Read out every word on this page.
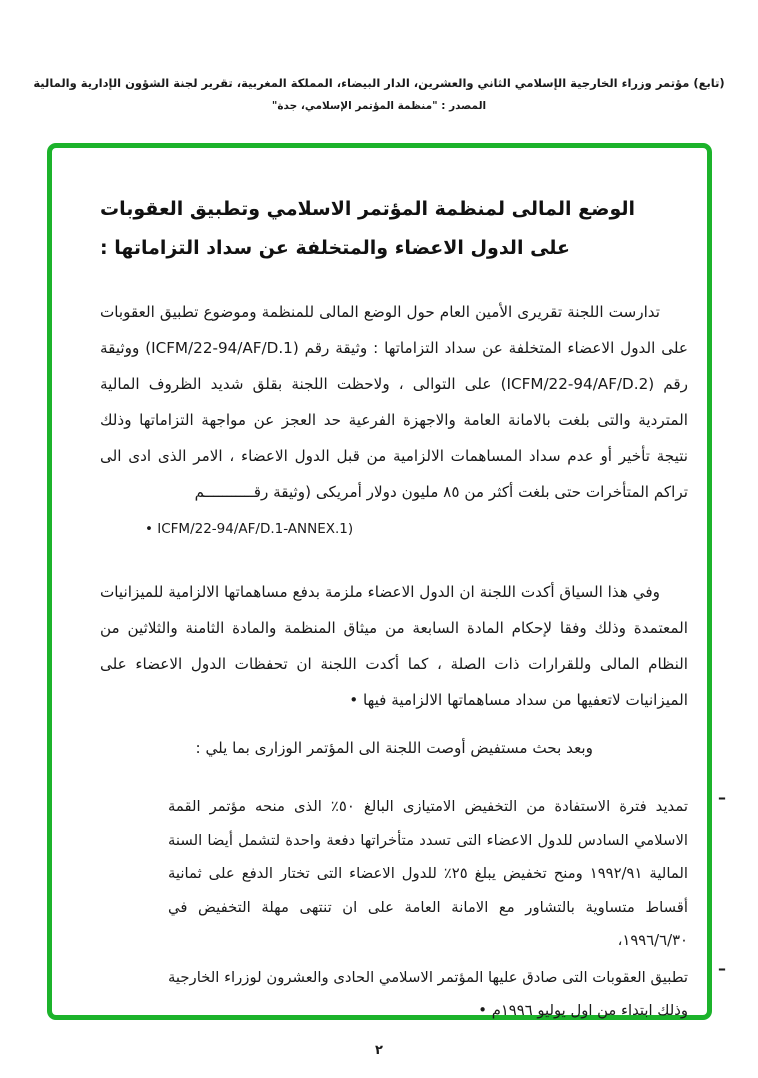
(تابع) مؤتمر وزراء الخارجية الإسلامي الثاني والعشرين، الدار البيضاء، المملكة المغربية، تقرير لجنة الشؤون الإدارية والمالية
المصدر : "منظمة المؤتمر الإسلامي، جدة"
الوضع المالى لمنظمة المؤتمر الاسلامي وتطبيق العقوبات
على الدول الاعضاء والمتخلفة عن سداد التزاماتها :
تدارست اللجنة تقريرى الأمين العام حول الوضع المالى للمنظمة وموضوع تطبيق العقوبات على الدول الاعضاء المتخلفة عن سداد التزاماتها : وثيقة رقم ⁦(ICFM/22-94/AF/D.1)⁩ ووثيقة رقم ⁦(ICFM/22-94/AF/D.2)⁩ على التوالى ، ولاحظت اللجنة بقلق شديد الظروف المالية المتردية والتى بلغت بالامانة العامة والاجهزة الفرعية حد العجز عن مواجهة التزاماتها وذلك نتيجة تأخير أو عدم سداد المساهمات الالزامية من قبل الدول الاعضاء ، الامر الذى ادى الى تراكم المتأخرات حتى بلغت أكثر من ٨٥ مليون دولار أمريكى (وثيقة رقـــــــــــم
• ICFM/22-94/AF/D.1-ANNEX.1)
وفي هذا السياق أكدت اللجنة ان الدول الاعضاء ملزمة بدفع مساهماتها الالزامية للميزانيات المعتمدة وذلك وفقا لإحكام المادة السابعة من ميثاق المنظمة والمادة الثامنة والثلاثين من النظام المالى وللقرارات ذات الصلة ، كما أكدت اللجنة ان تحفظات الدول الاعضاء على الميزانيات لاتعفيها من سداد مساهماتها الالزامية فيها •
وبعد بحث مستفيض أوصت اللجنة الى المؤتمر الوزارى بما يلي :
–
تمديد فترة الاستفادة من التخفيض الامتيازى البالغ ٥٠٪ الذى منحه مؤتمر القمة الاسلامي السادس للدول الاعضاء التى تسدد متأخراتها دفعة واحدة لتشمل أيضا السنة المالية ١٩٩٢/٩١ ومنح تخفيض يبلغ ٢٥٪ للدول الاعضاء التى تختار الدفع على ثمانية أقساط متساوية بالتشاور مع الامانة العامة على ان تنتهى مهلة التخفيض في ١٩٩٦/٦/٣٠،
–
تطبيق العقوبات التى صادق عليها المؤتمر الاسلامي الحادى والعشرون لوزراء الخارجية وذلك ابتداء من اول يوليو ١٩٩٦م •
٢
